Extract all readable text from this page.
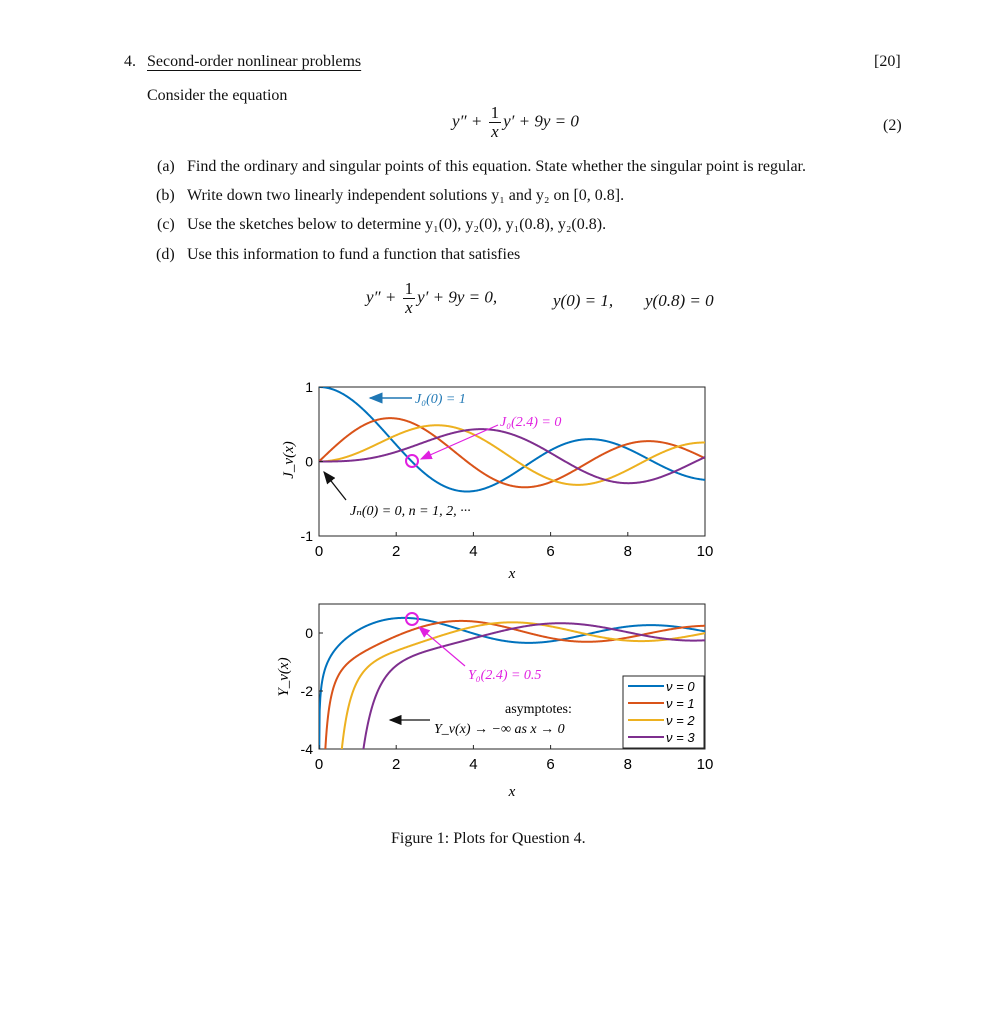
4. Second-order nonlinear problems	[20]
Consider the equation
$y'' + \frac{1}{x} y' + 9y = 0$	(2)
(a) Find the ordinary and singular points of this equation. State whether the singular point is regular.
(b) Write down two linearly independent solutions y₁ and y₂ on [0, 0.8].
(c) Use the sketches below to determine y₁(0), y₂(0), y₁(0.8), y₂(0.8).
(d) Use this information to fund a function that satisfies
$y'' + \frac{1}{x} y' + 9y = 0$,	y(0) = 1, y(0.8) = 0
0	2	4	6	8	10
-1
0
1
J_ν(x)
x
J₀(0) = 1
J₀(2.4) = 0
Jₙ(0) = 0, n = 1, 2, ···
0	2	4	6	8	10
-4
-2
0
Y_ν(x)
x
Y₀(2.4) = 0.5
asymptotes:
Y_ν(x) → −∞ as x → 0
ν = 0
ν = 1
ν = 2
ν = 3
Figure 1: Plots for Question 4.
